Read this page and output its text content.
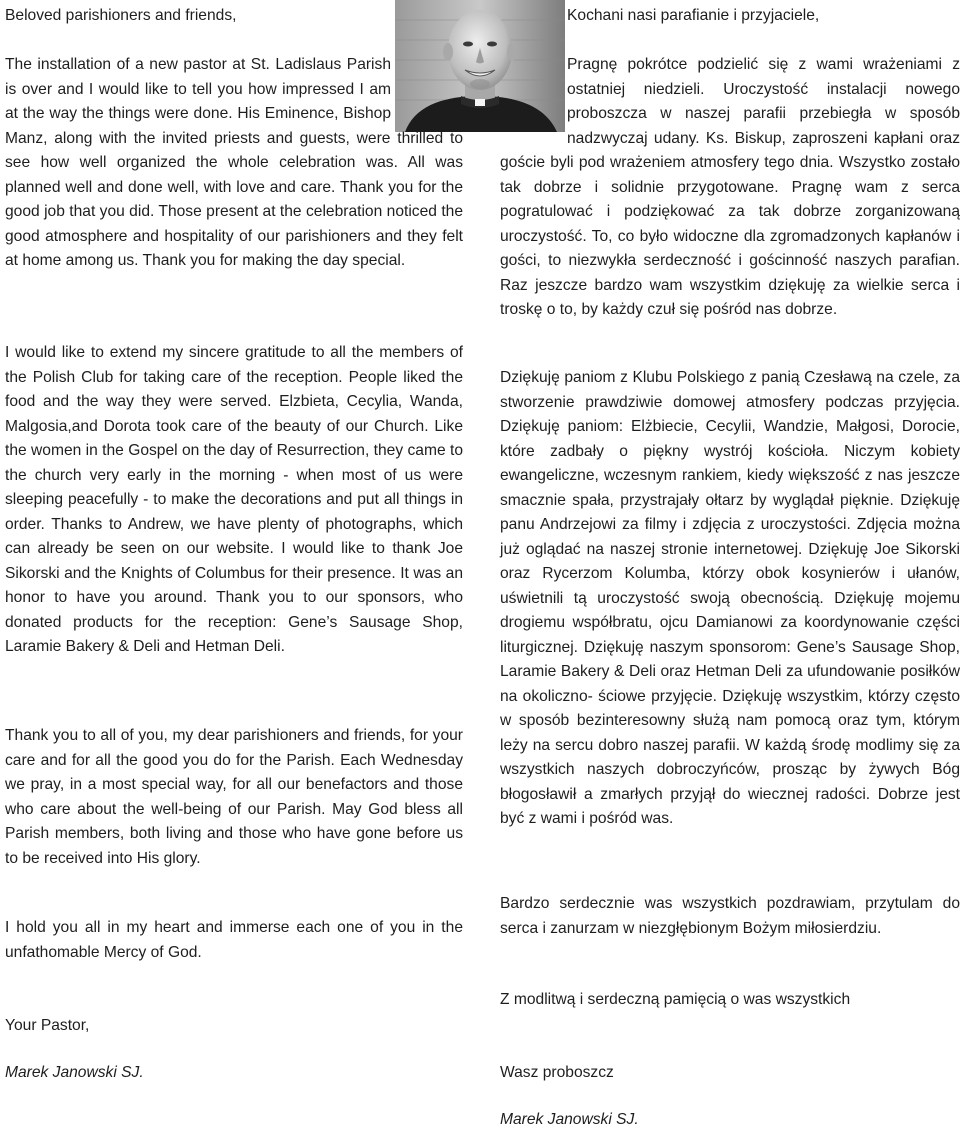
Beloved parishioners and friends,

The installation of a new pastor at St. Ladislaus Parish is over and I would like to tell you how impressed I am at the way the things were done. His Eminence, Bishop Manz, along with the invited priests and guests, were thrilled to see how well organized the whole celebration was. All was planned well and done well, with love and care. Thank you for the good job that you did. Those present at the celebration noticed the good atmosphere and hospitality of our parishioners and they felt at home among us. Thank you for making the day special.

I would like to extend my sincere gratitude to all the members of the Polish Club for taking care of the reception. People liked the food and the way they were served. Elzbieta, Cecylia, Wanda, Malgosia,and Dorota took care of the beauty of our Church. Like the women in the Gospel on the day of Resurrection, they came to the church very early in the morning - when most of us were sleeping peacefully - to make the decorations and put all things in order. Thanks to Andrew, we have plenty of photographs, which can already be seen on our website. I would like to thank Joe Sikorski and the Knights of Columbus for their presence. It was an honor to have you around. Thank you to our sponsors, who donated products for the reception: Gene’s Sausage Shop, Laramie Bakery & Deli and Hetman Deli.

Thank you to all of you, my dear parishioners and friends, for your care and for all the good you do for the Parish. Each Wednesday we pray, in a most special way, for all our benefactors and those who care about the well-being of our Parish. May God bless all Parish members, both living and those who have gone before us to be received into His glory.

I hold you all in my heart and immerse each one of you in the unfathomable Mercy of God.

Your Pastor,
Marek Janowski SJ.
Kochani nasi parafianie i przyjaciele,

Pragnę pokrótce podzielić się z wami wrażeniami z ostatniej niedzieli. Uroczystość instalacji nowego proboszcza w naszej parafii przebiegła w sposób nadzwyczaj udany. Ks. Biskup, zaproszeni kapłani oraz goście byli pod wrażeniem atmosfery tego dnia. Wszystko zostało tak dobrze i solidnie przygotowane. Pragnę wam z serca pogratulować i podziękować za tak dobrze zorganizowaną uroczystość. To, co było widoczne dla zgromadzonych kapłanów i gości, to niezwykła serdeczność i gościnność naszych parafian. Raz jeszcze bardzo wam wszystkim dziękuję za wielkie serca i troskę o to, by każdy czuł się pośród nas dobrze.

Dziękuję paniom z Klubu Polskiego z panią Czesławą na czele, za stworzenie prawdziwie domowej atmosfery podczas przyjęcia. Dziękuję paniom: Elżbiecie, Cecylii, Wandzie, Małgosi, Dorocie, które zadbały o piękny wystrój kościoła. Niczym kobiety ewangeliczne, wczesnym rankiem, kiedy większość z nas jeszcze smacznie spała, przystrajały ołtarz by wyglądał pięknie. Dziękuję panu Andrzejowi za filmy i zdjęcia z uroczystości. Zdjęcia można już oglądać na naszej stronie internetowej. Dziękuję Joe Sikorski oraz Rycerzom Kolumba, którzy obok kosynierów i ułanów, uświetnili tą uroczystość swoją obecnością. Dziękuję mojemu drogiemu współbratu, ojcu Damianowi za koordynowanie części liturgicznej. Dziękuję naszym sponsorom: Gene’s Sausage Shop, Laramie Bakery & Deli oraz Hetman Deli za ufundowanie posiłków na okoliczno- ściowe przyjęcie. Dziękuję wszystkim, którzy często w sposób bezinteresowny służą nam pomocą oraz tym, którym leży na sercu dobro naszej parafii. W każdą środę modlimy się za wszystkich naszych dobroczyńców, prosząc by żywych Bóg błogosławił a zmarłych przyjął do wiecznej radości. Dobrze jest być z wami i pośród was.

Bardzo serdecznie was wszystkich pozdrawiam, przytulam do serca i zanurzam w niezgłębionym Bożym miłosierdziu.

Z modlitwą i serdeczną pamięcią o was wszystkich
Wasz proboszcz
Marek Janowski SJ.
